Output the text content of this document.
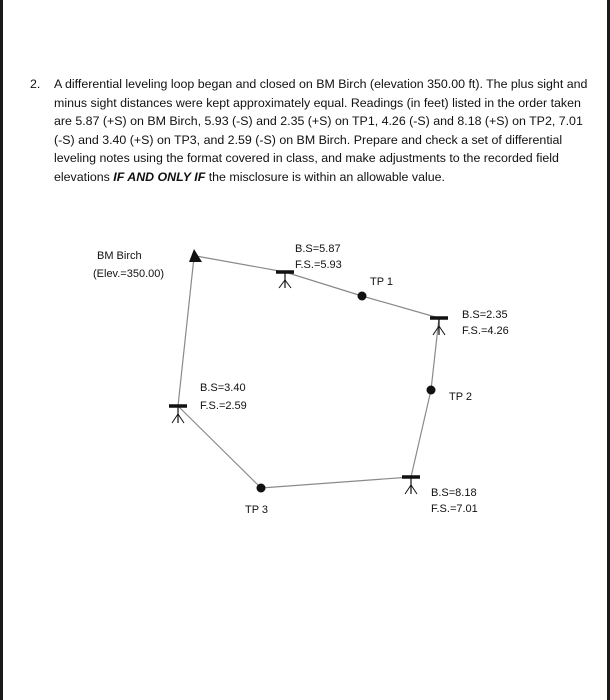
2. A differential leveling loop began and closed on BM Birch (elevation 350.00 ft). The plus sight and minus sight distances were kept approximately equal. Readings (in feet) listed in the order taken are 5.87 (+S) on BM Birch, 5.93 (-S) and 2.35 (+S) on TP1, 4.26 (-S) and 8.18 (+S) on TP2, 7.01 (-S) and 3.40 (+S) on TP3, and 2.59 (-S) on BM Birch. Prepare and check a set of differential leveling notes using the format covered in class, and make adjustments to the recorded field elevations IF AND ONLY IF the misclosure is within an allowable value.
BM Birch
(Elev.=350.00)
B.S=5.87
F.S.=5.93
TP 1
B.S=2.35
F.S.=4.26
TP 2
B.S=8.18
F.S.=7.01
TP 3
B.S=3.40
F.S.=2.59
